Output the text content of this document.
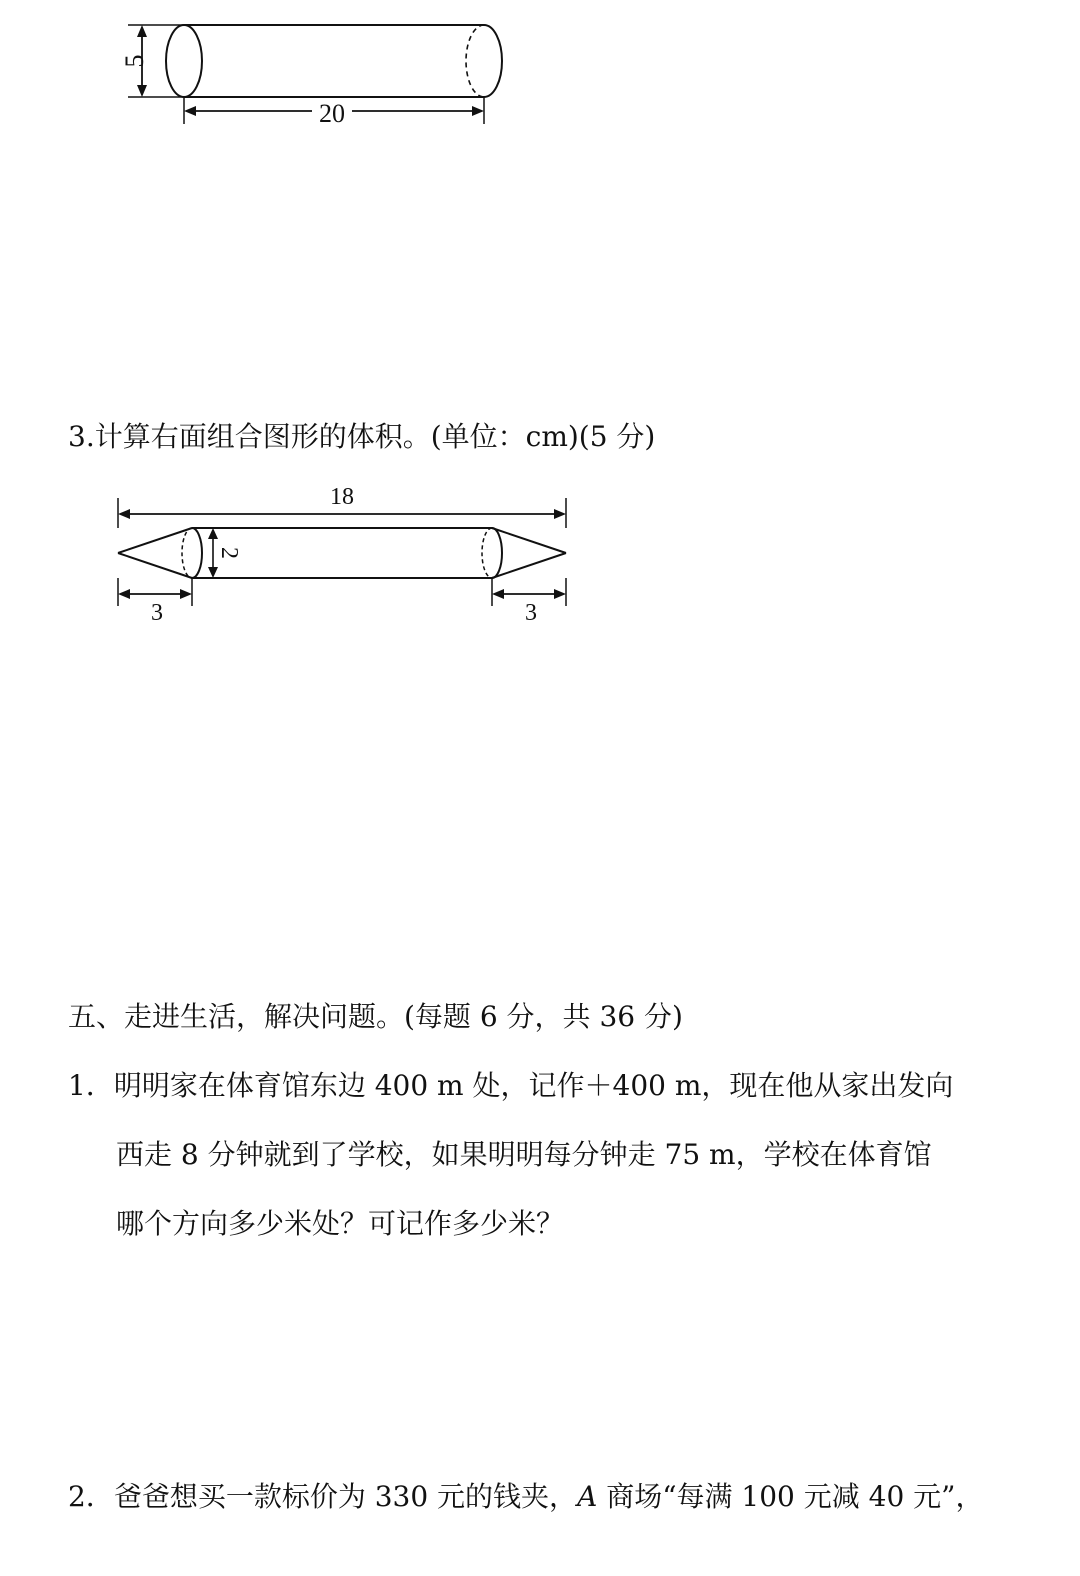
5
20
3.计算右面组合图形的体积。(单位：cm)(5 分)
18
2
3	3
五、走进生活，解决问题。(每题 6 分，共 36 分)
1．明明家在体育馆东边 400 m 处，记作＋400 m，现在他从家出发向
西走 8 分钟就到了学校，如果明明每分钟走 75 m，学校在体育馆
哪个方向多少米处？可记作多少米？
2．爸爸想买一款标价为 330 元的钱夹，A 商场“每满 100 元减 40 元”，
